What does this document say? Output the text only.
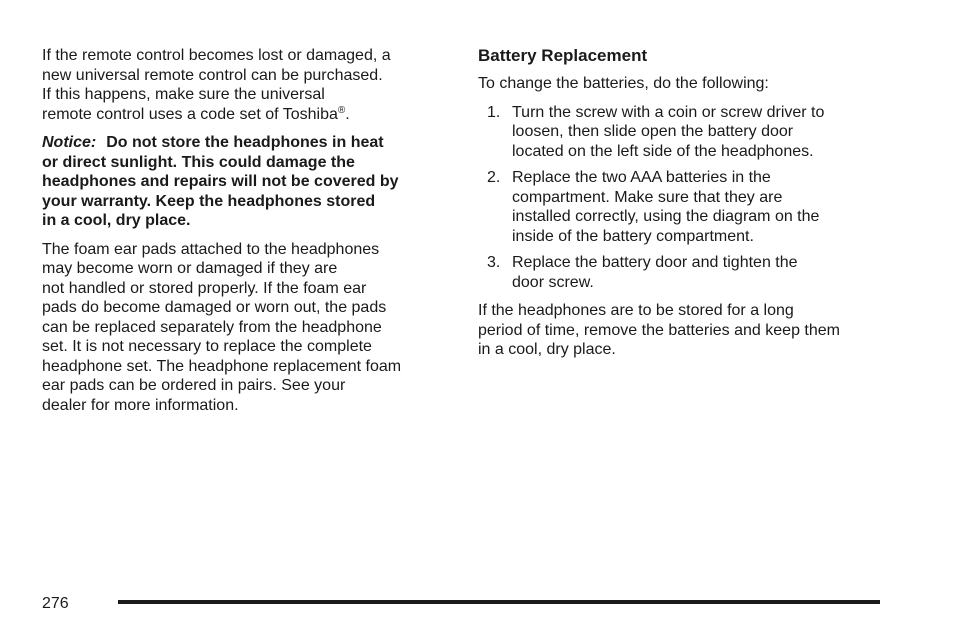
If the remote control becomes lost or damaged, a
new universal remote control can be purchased.
If this happens, make sure the universal
remote control uses a code set of Toshiba®.

Notice: Do not store the headphones in heat
or direct sunlight. This could damage the
headphones and repairs will not be covered by
your warranty. Keep the headphones stored
in a cool, dry place.

The foam ear pads attached to the headphones
may become worn or damaged if they are
not handled or stored properly. If the foam ear
pads do become damaged or worn out, the pads
can be replaced separately from the headphone
set. It is not necessary to replace the complete
headphone set. The headphone replacement foam
ear pads can be ordered in pairs. See your
dealer for more information.

Battery Replacement

To change the batteries, do the following:

1. Turn the screw with a coin or screw driver to
loosen, then slide open the battery door
located on the left side of the headphones.
2. Replace the two AAA batteries in the
compartment. Make sure that they are
installed correctly, using the diagram on the
inside of the battery compartment.
3. Replace the battery door and tighten the
door screw.

If the headphones are to be stored for a long
period of time, remove the batteries and keep them
in a cool, dry place.

276
